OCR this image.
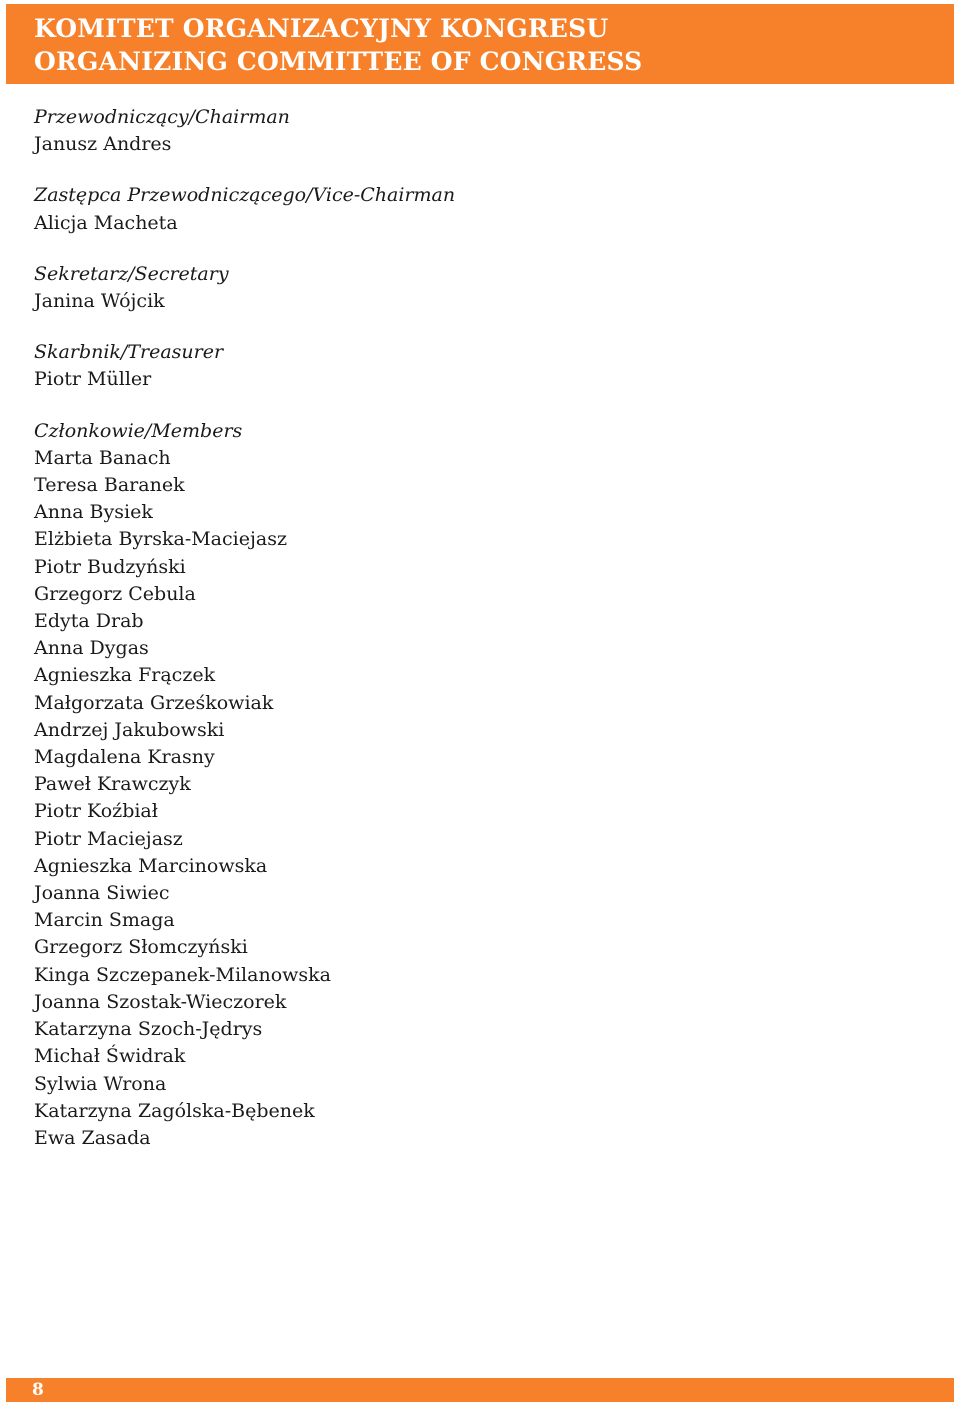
KOMITET ORGANIZACYJNY KONGRESU
ORGANIZING COMMITTEE OF CONGRESS
Przewodniczący/Chairman
Janusz Andres
Zastępca Przewodniczącego/Vice-Chairman
Alicja Macheta
Sekretarz/Secretary
Janina Wójcik
Skarbnik/Treasurer
Piotr Müller
Członkowie/Members
Marta Banach
Teresa Baranek
Anna Bysiek
Elżbieta Byrska-Maciejasz
Piotr Budzyński
Grzegorz Cebula
Edyta Drab
Anna Dygas
Agnieszka Frączek
Małgorzata Grześkowiak
Andrzej Jakubowski
Magdalena Krasny
Paweł Krawczyk
Piotr Koźbiał
Piotr Maciejasz
Agnieszka Marcinowska
Joanna Siwiec
Marcin Smaga
Grzegorz Słomczyński
Kinga Szczepanek-Milanowska
Joanna Szostak-Wieczorek
Katarzyna Szoch-Jędrys
Michał Świdrak
Sylwia Wrona
Katarzyna Zagólska-Bębenek
Ewa Zasada
8
